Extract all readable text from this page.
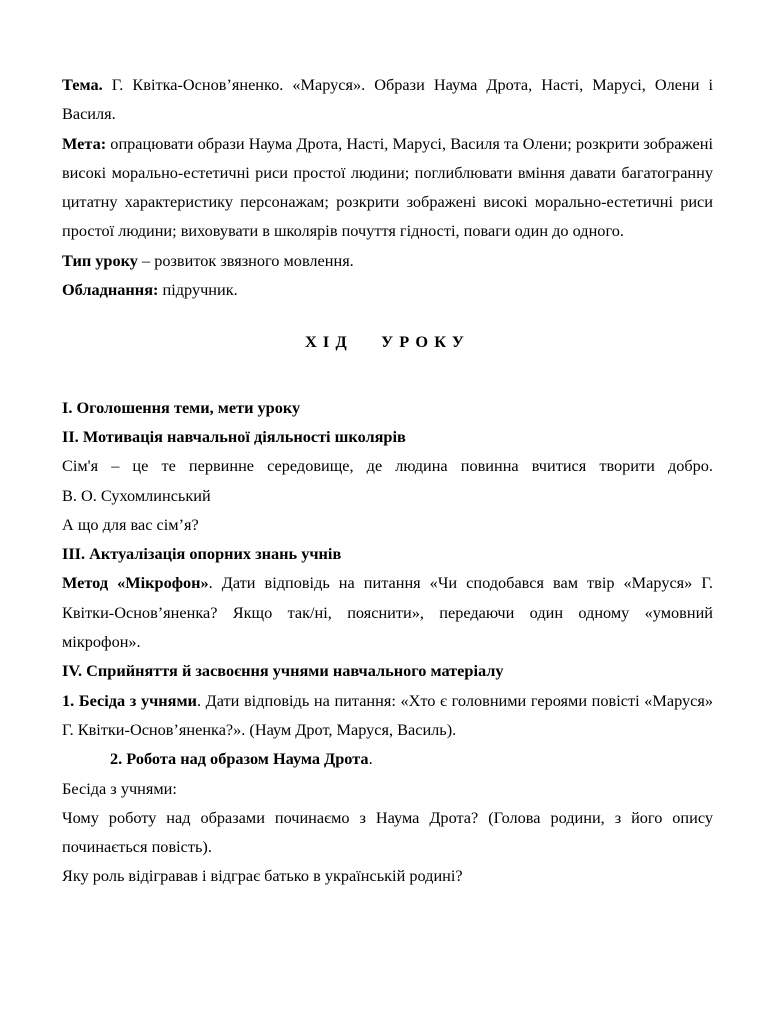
Тема. Г. Квітка-Основ’яненко. «Маруся». Образи Наума Дрота, Насті, Марусі, Олени і Василя.

Мета: опрацювати образи Наума Дрота, Насті, Марусі, Василя та Олени; розкрити зображені високі морально-естетичні риси простої людини; поглиблювати вміння давати багатогранну цитатну характеристику персонажам; розкрити зображені високі морально-естетичні риси простої людини; виховувати в школярів почуття гідності, поваги один до одного.

Тип уроку – розвиток звязного мовлення.

Обладнання: підручник.

ХІД УРОКУ

І. Оголошення теми, мети уроку

ІІ. Мотивація навчальної діяльності школярів

Сім'я – це те первинне середовище, де людина повинна вчитися творити добро.

В. О. Сухомлинський

А що для вас сім’я?

ІІІ. Актуалізація опорних знань учнів

Метод «Мікрофон». Дати відповідь на питання «Чи сподобався вам твір «Маруся» Г. Квітки-Основ’яненка? Якщо так/ні, пояснити», передаючи один одному «умовний мікрофон».

ІV. Сприйняття й засвоєння учнями навчального матеріалу

1. Бесіда з учнями. Дати відповідь на питання: «Хто є головними героями повісті «Маруся» Г. Квітки-Основ’яненка?». (Наум Дрот, Маруся, Василь).

2. Робота над образом Наума Дрота.

Бесіда з учнями:

Чому роботу над образами починаємо з Наума Дрота? (Голова родини, з його опису починається повість).

Яку роль відігравав і відграє батько в українській родині?
